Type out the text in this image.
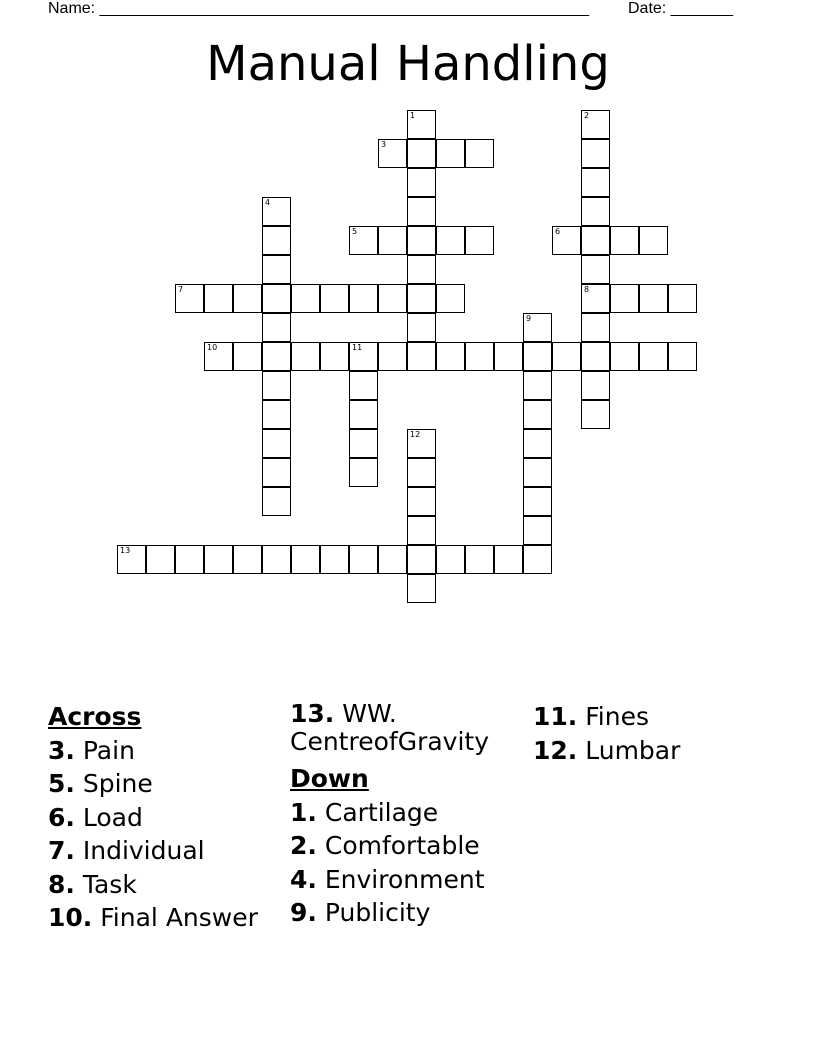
Name: _______________________________________________________ Date: _______
Manual Handling
1	2
8
3
4
5	6
7
9
10	11
12
13

Across

3. Pain

5. Spine

6. Load

7. Individual

8. Task

10. Final Answer

13. WW. CentreofGravity

Down

1. Cartilage

2. Comfortable

4. Environment

9. Publicity

11. Fines

12. Lumbar
